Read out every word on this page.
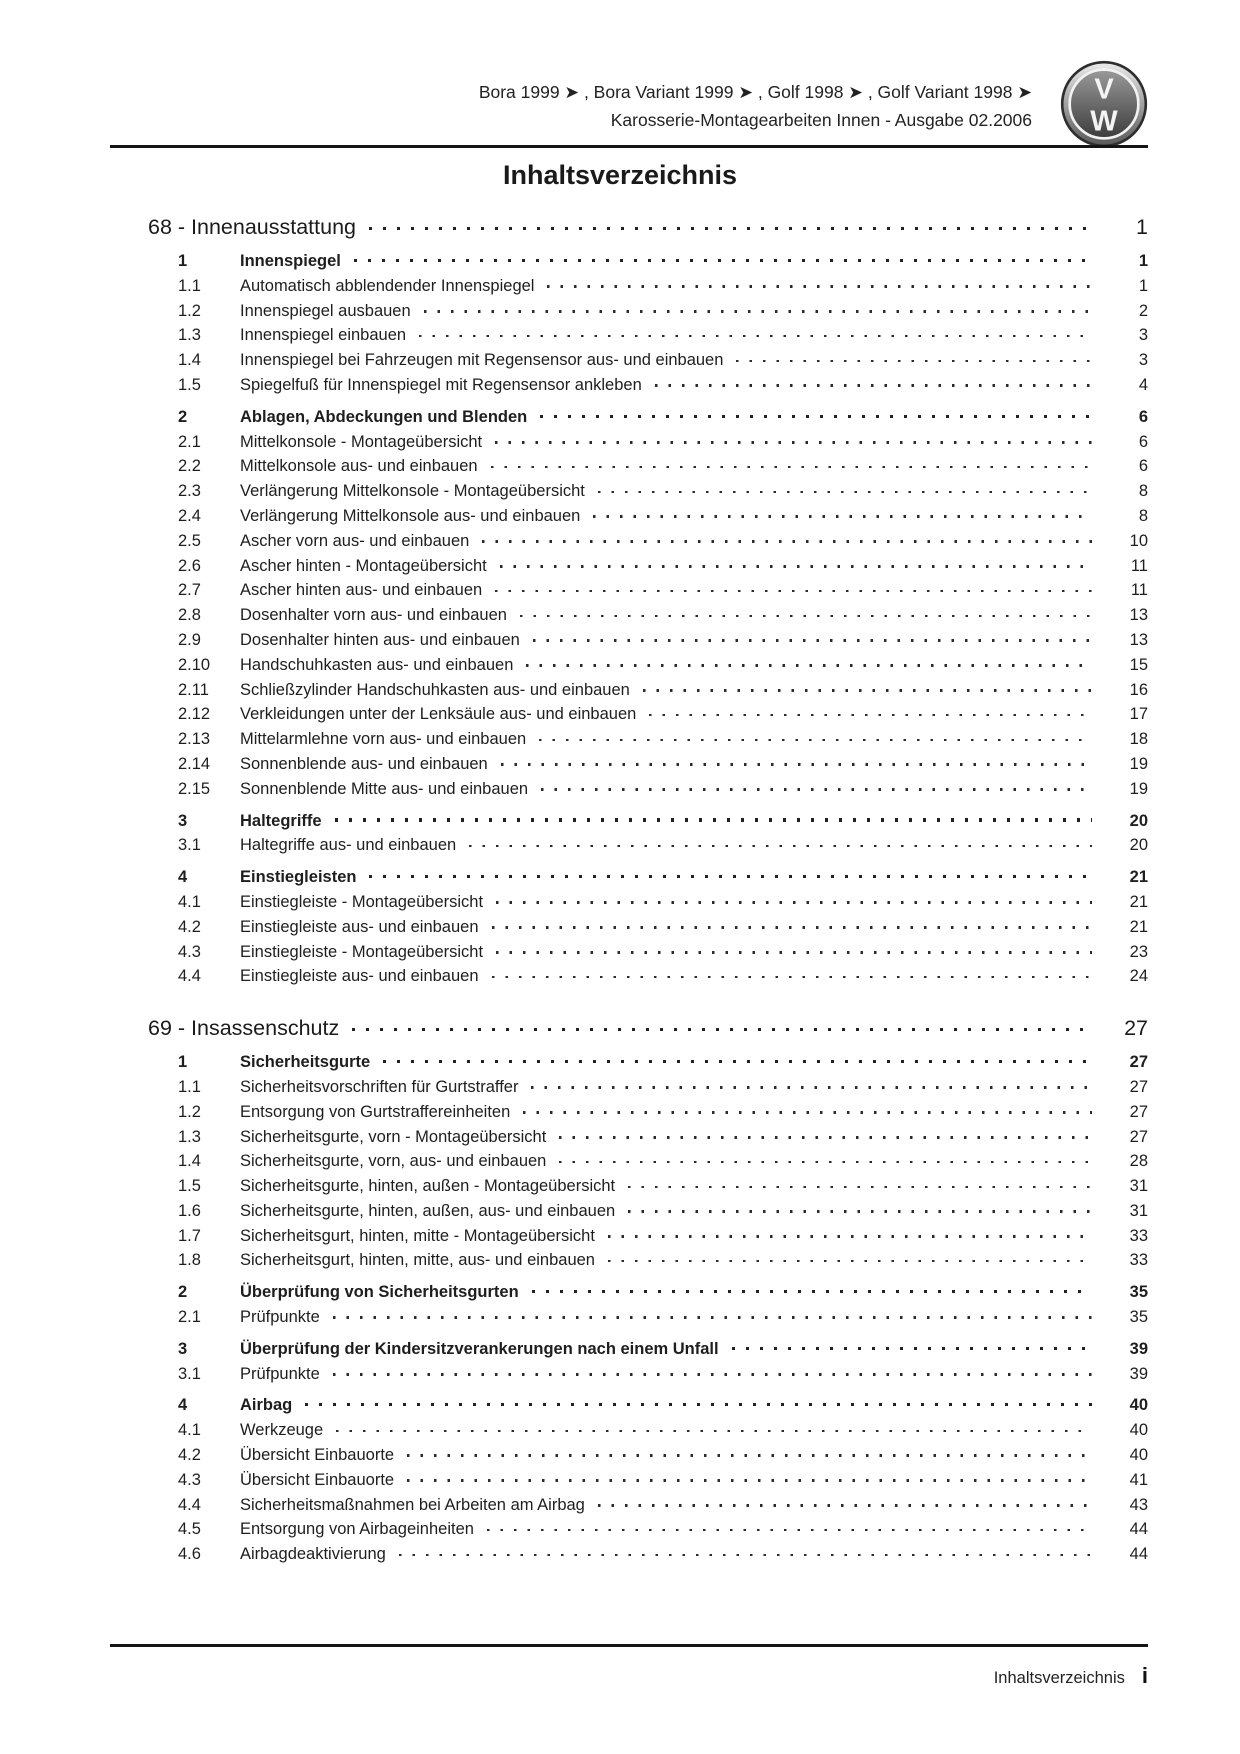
Bora 1999 ➤ , Bora Variant 1999 ➤ , Golf 1998 ➤ , Golf Variant 1998 ➤
Karosserie-Montagearbeiten Innen - Ausgabe 02.2006
V
W
Inhaltsverzeichnis
68 - Innenausstattung	1
1	Innenspiegel	1
1.1	Automatisch abblendender Innenspiegel	1
1.2	Innenspiegel ausbauen	2
1.3	Innenspiegel einbauen	3
1.4	Innenspiegel bei Fahrzeugen mit Regensensor aus- und einbauen	3
1.5	Spiegelfuß für Innenspiegel mit Regensensor ankleben	4
2	Ablagen, Abdeckungen und Blenden	6
2.1	Mittelkonsole - Montageübersicht	6
2.2	Mittelkonsole aus- und einbauen	6
2.3	Verlängerung Mittelkonsole - Montageübersicht	8
2.4	Verlängerung Mittelkonsole aus- und einbauen	8
2.5	Ascher vorn aus- und einbauen	10
2.6	Ascher hinten - Montageübersicht	11
2.7	Ascher hinten aus- und einbauen	11
2.8	Dosenhalter vorn aus- und einbauen	13
2.9	Dosenhalter hinten aus- und einbauen	13
2.10	Handschuhkasten aus- und einbauen	15
2.11	Schließzylinder Handschuhkasten aus- und einbauen	16
2.12	Verkleidungen unter der Lenksäule aus- und einbauen	17
2.13	Mittelarmlehne vorn aus- und einbauen	18
2.14	Sonnenblende aus- und einbauen	19
2.15	Sonnenblende Mitte aus- und einbauen	19
3	Haltegriffe	20
3.1	Haltegriffe aus- und einbauen	20
4	Einstiegleisten	21
4.1	Einstiegleiste - Montageübersicht	21
4.2	Einstiegleiste aus- und einbauen	21
4.3	Einstiegleiste - Montageübersicht	23
4.4	Einstiegleiste aus- und einbauen	24
69 - Insassenschutz	27
1	Sicherheitsgurte	27
1.1	Sicherheitsvorschriften für Gurtstraffer	27
1.2	Entsorgung von Gurtstraffereinheiten	27
1.3	Sicherheitsgurte, vorn - Montageübersicht	27
1.4	Sicherheitsgurte, vorn, aus- und einbauen	28
1.5	Sicherheitsgurte, hinten, außen - Montageübersicht	31
1.6	Sicherheitsgurte, hinten, außen, aus- und einbauen	31
1.7	Sicherheitsgurt, hinten, mitte - Montageübersicht	33
1.8	Sicherheitsgurt, hinten, mitte, aus- und einbauen	33
2	Überprüfung von Sicherheitsgurten	35
2.1	Prüfpunkte	35
3	Überprüfung der Kindersitzverankerungen nach einem Unfall	39
3.1	Prüfpunkte	39
4	Airbag	40
4.1	Werkzeuge	40
4.2	Übersicht Einbauorte	40
4.3	Übersicht Einbauorte	41
4.4	Sicherheitsmaßnahmen bei Arbeiten am Airbag	43
4.5	Entsorgung von Airbageinheiten	44
4.6	Airbagdeaktivierung	44
Inhaltsverzeichnis i
